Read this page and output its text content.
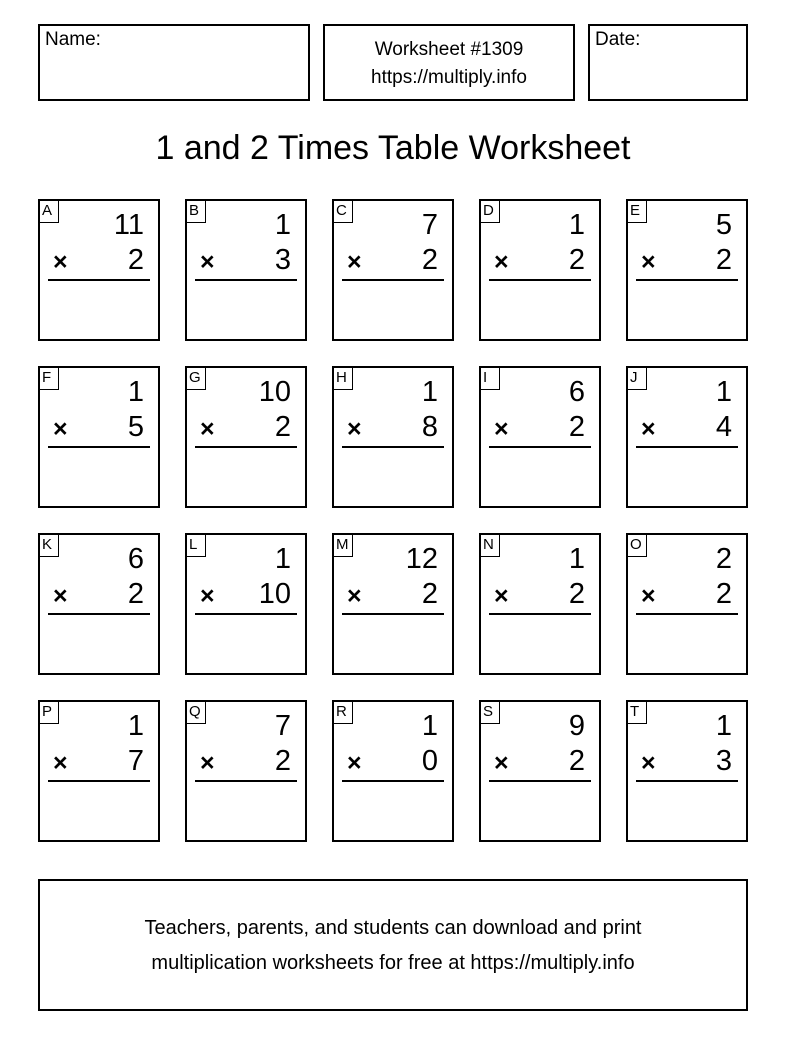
Name:	Worksheet #1309
https://multiply.info
Date:
1 and 2 Times Table Worksheet
A 11
× 2
B	1
× 3
C	7
× 2
D	1
× 2
E	5
× 2
F	1
× 5
G 10
× 2
H	1
× 8
I	6
× 2
J	1
× 4
K	6
× 2
L	1
× 10
M 12
× 2
N	1
× 2
O	2
× 2
P	1
× 7
Q	7
× 2
R	1
× 0
S	9
× 2
T	1
× 3
Teachers, parents, and students can download and print
multiplication worksheets for free at https://multiply.info
